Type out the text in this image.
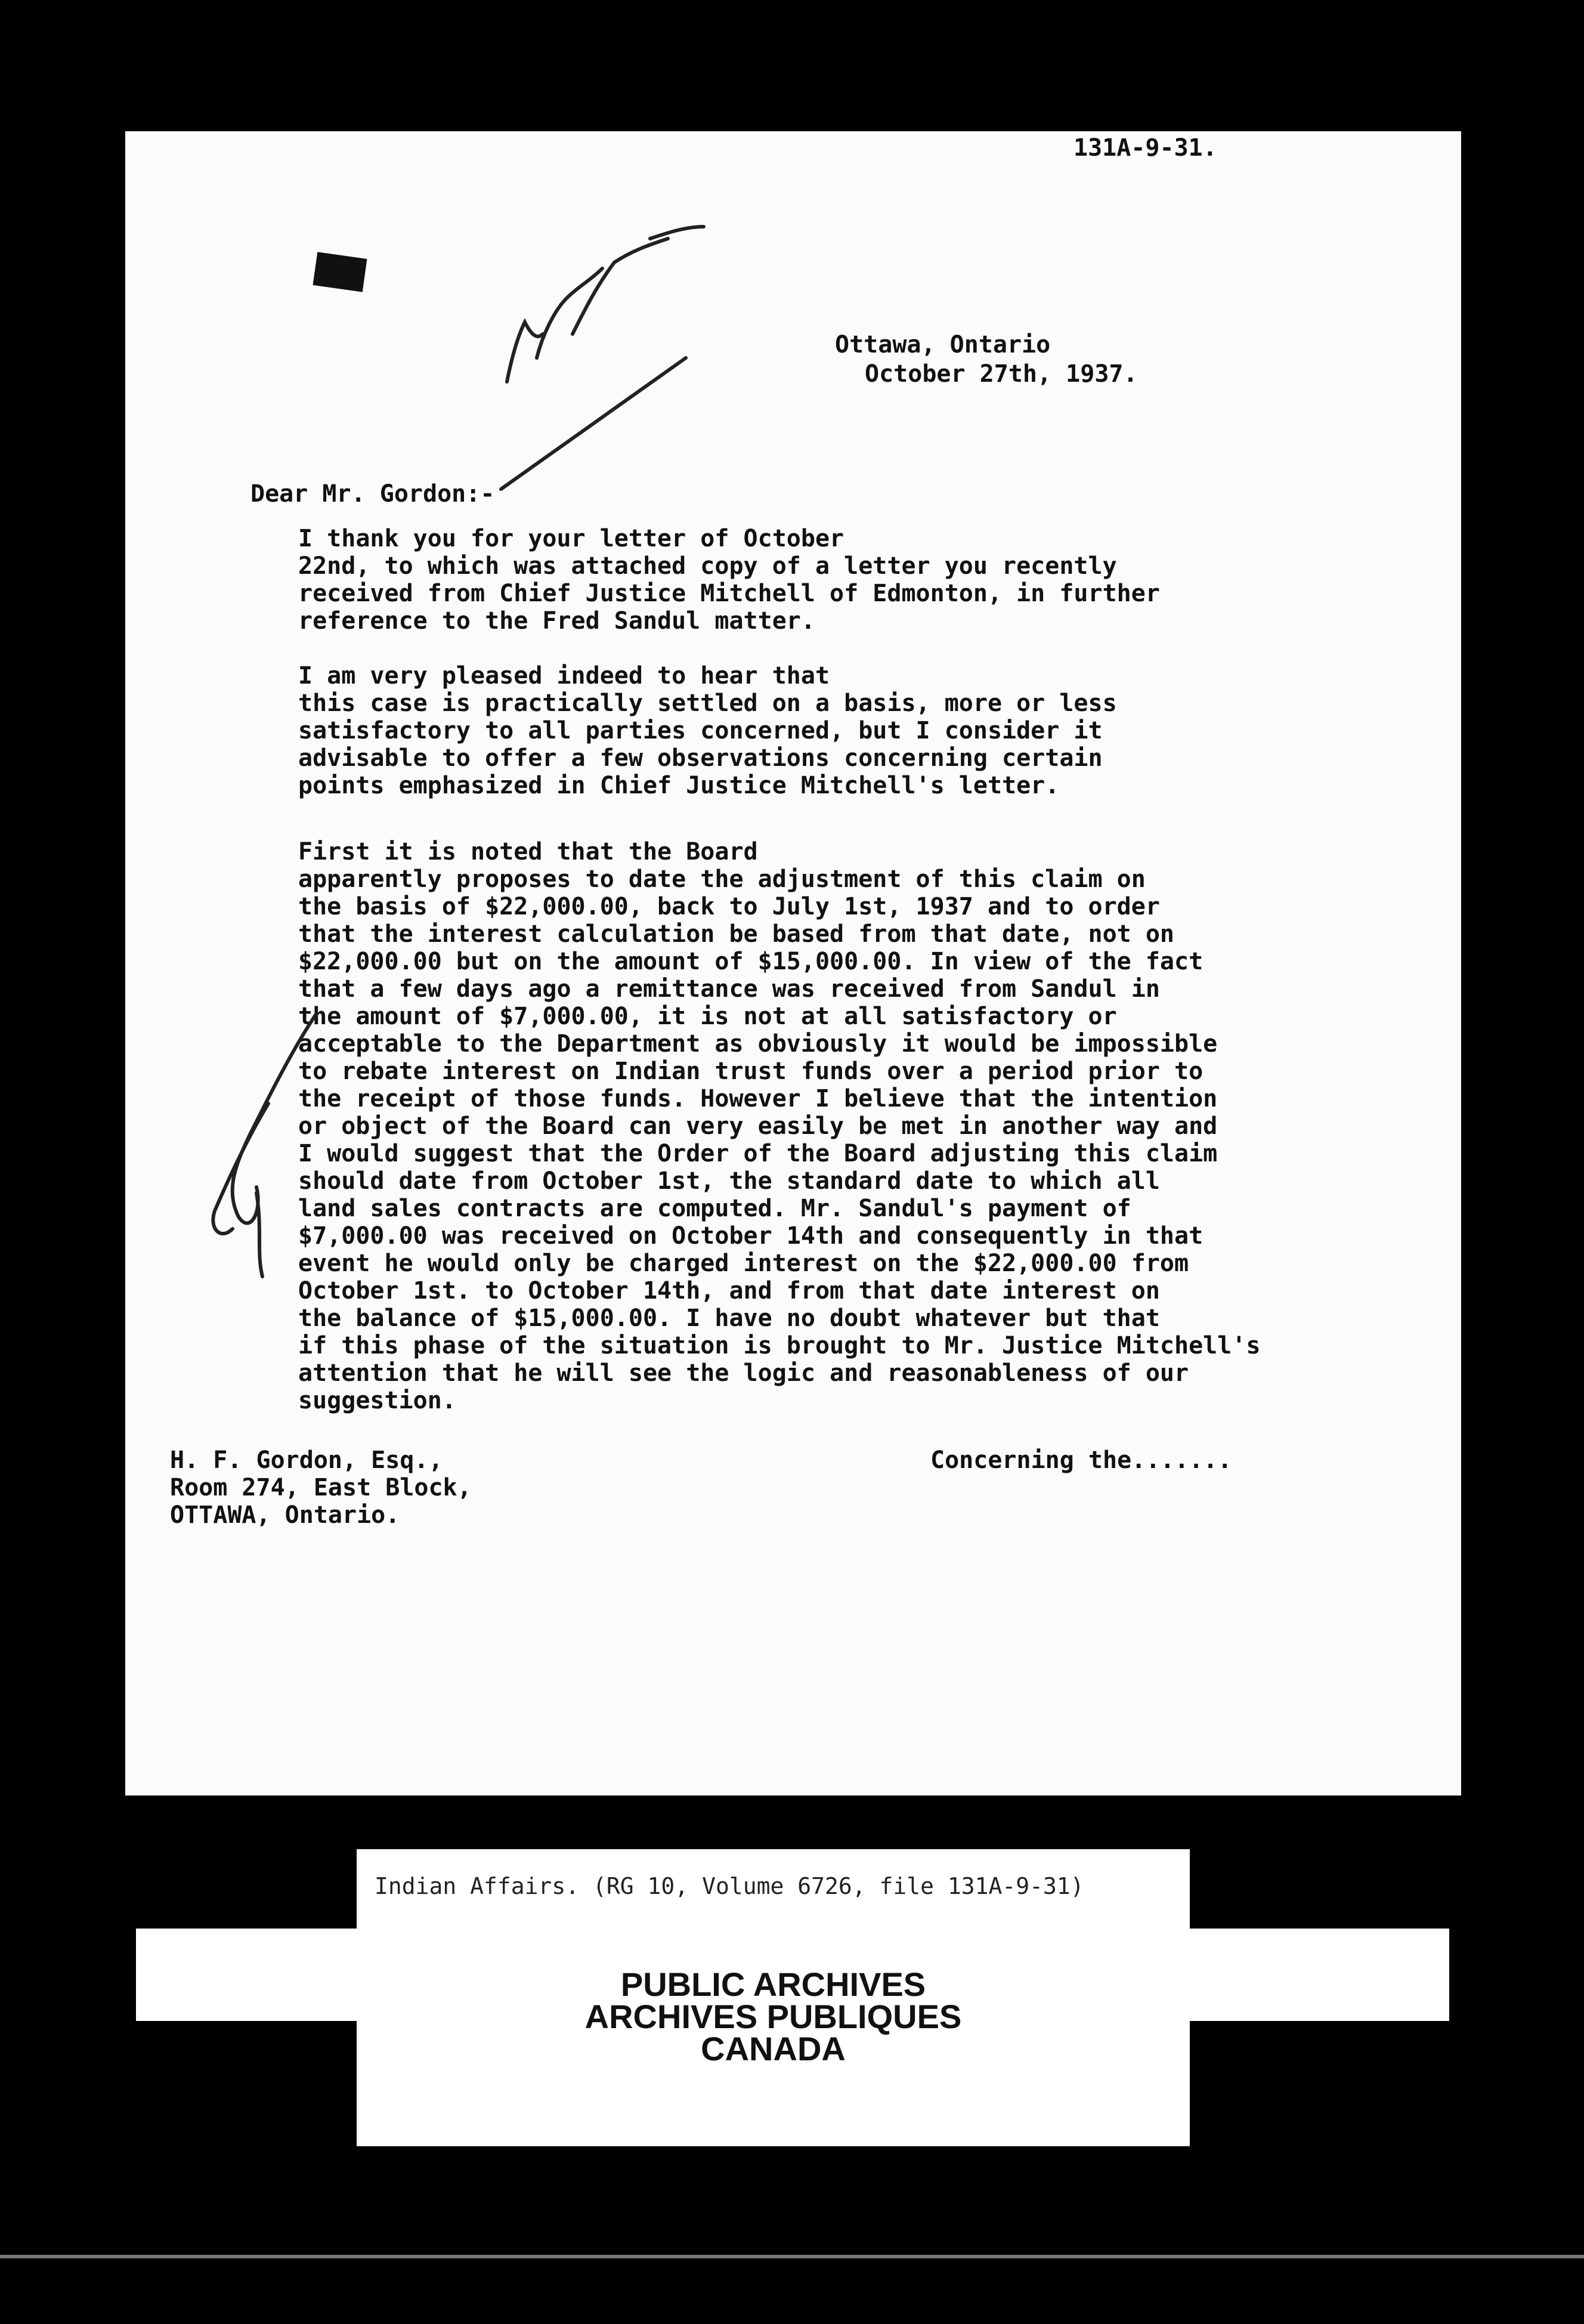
131A-9-31.
Ottawa, Ontario
October 27th, 1937.
Dear Mr. Gordon:-
I thank you for your letter of October
22nd, to which was attached copy of a letter you recently
received from Chief Justice Mitchell of Edmonton, in further
reference to the Fred Sandul matter.
I am very pleased indeed to hear that
this case is practically settled on a basis, more or less
satisfactory to all parties concerned, but I consider it
advisable to offer a few observations concerning certain
points emphasized in Chief Justice Mitchell's letter.
First it is noted that the Board
apparently proposes to date the adjustment of this claim on
the basis of $22,000.00, back to July 1st, 1937 and to order
that the interest calculation be based from that date, not on
$22,000.00 but on the amount of $15,000.00. In view of the fact
that a few days ago a remittance was received from Sandul in
the amount of $7,000.00, it is not at all satisfactory or
acceptable to the Department as obviously it would be impossible
to rebate interest on Indian trust funds over a period prior to
the receipt of those funds. However I believe that the intention
or object of the Board can very easily be met in another way and
I would suggest that the Order of the Board adjusting this claim
should date from October 1st, the standard date to which all
land sales contracts are computed. Mr. Sandul's payment of
$7,000.00 was received on October 14th and consequently in that
event he would only be charged interest on the $22,000.00 from
October 1st. to October 14th, and from that date interest on
the balance of $15,000.00. I have no doubt whatever but that
if this phase of the situation is brought to Mr. Justice Mitchell's
attention that he will see the logic and reasonableness of our
suggestion.
H. F. Gordon, Esq.,
Room 274, East Block,
OTTAWA, Ontario.
Concerning the.......
Indian Affairs. (RG 10, Volume 6726, file 131A-9-31)
PUBLIC ARCHIVES
ARCHIVES PUBLIQUES
CANADA
